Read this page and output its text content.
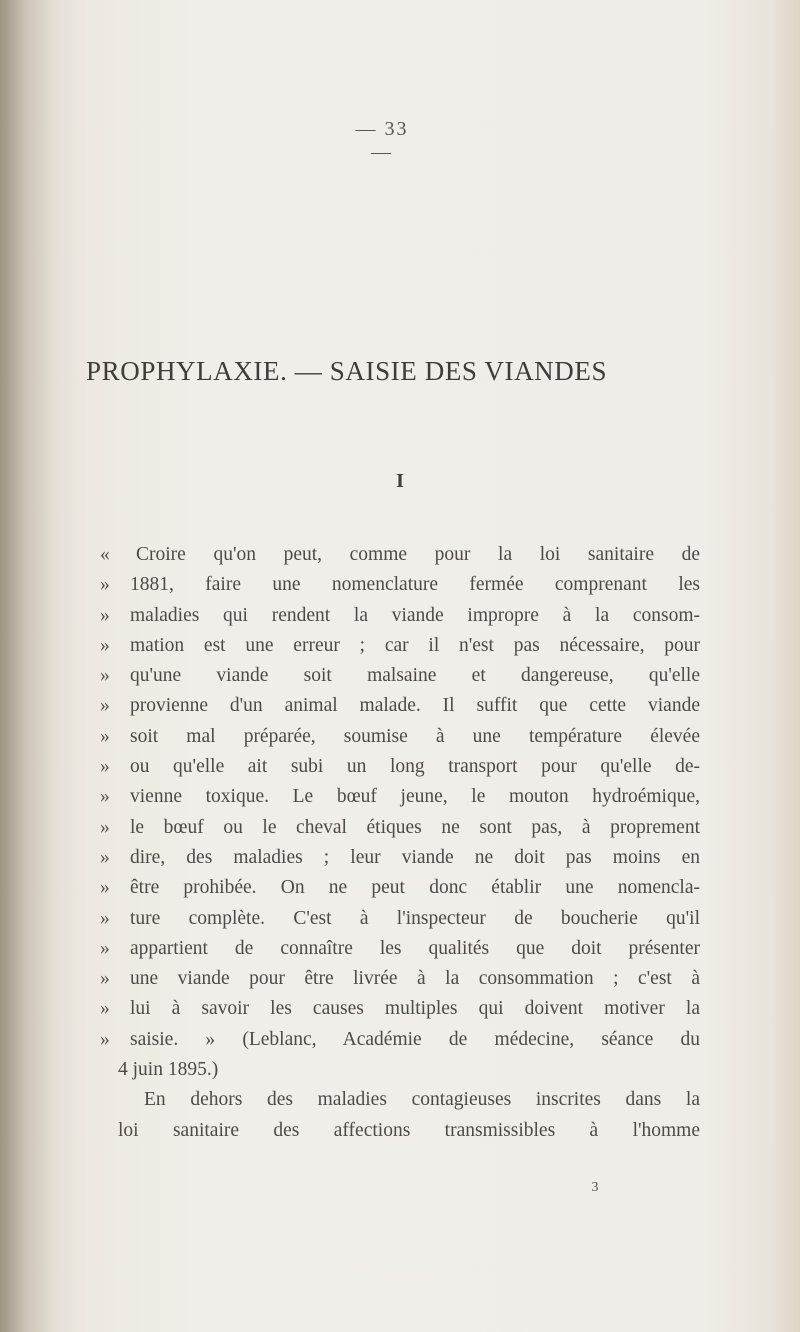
— 33 —
PROPHYLAXIE. — SAISIE DES VIANDES
I
«	Croire qu'on peut, comme pour la loi sanitaire de
»	1881, faire une nomenclature fermée comprenant les
»	maladies qui rendent la viande impropre à la consom-
»	mation est une erreur ; car il n'est pas nécessaire, pour
»	qu'une viande soit malsaine et dangereuse, qu'elle
»	provienne d'un animal malade. Il suffit que cette viande
»	soit mal préparée, soumise à une température élevée
»	ou qu'elle ait subi un long transport pour qu'elle de-
»	vienne toxique. Le bœuf jeune, le mouton hydroémique,
»	le bœuf ou le cheval étiques ne sont pas, à proprement
»	dire, des maladies ; leur viande ne doit pas moins en
»	être prohibée. On ne peut donc établir une nomencla-
»	ture complète. C'est à l'inspecteur de boucherie qu'il
»	appartient de connaître les qualités que doit présenter
»	une viande pour être livrée à la consommation ; c'est à
»	lui à savoir les causes multiples qui doivent motiver la
»	saisie. » (Leblanc, Académie de médecine, séance du
4 juin 1895.)
En dehors des maladies contagieuses inscrites dans la
loi sanitaire des affections transmissibles à l'homme
3
